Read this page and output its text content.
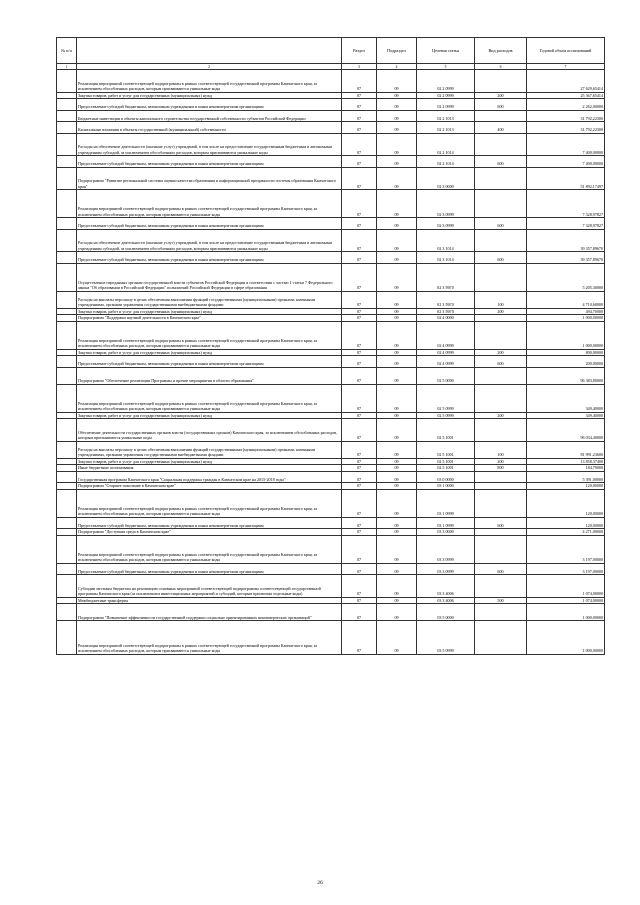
№ п/п		Раздел	Подраздел	Целевая статья	Вид расходов	Годовой объем ассигнований
1	2	3	4	5	6	7
	Реализация мероприятий соответствующей подпрограммы в рамках соответствующей государственной программы Камчатского края, за исключением обособленных расходов, которым присваиваются уникальные коды	07	09	02 2 0999		27 629,65414
	Закупка товаров, работ и услуг для государственных (муниципальных) нужд	07	09	02 2 0999	200	25 367,65414
	Предоставление субсидий бюджетным, автономным учреждениям и иным некоммерческим организациям	07	09	02 2 0999	600	2 262,00000
	Бюджетные инвестиции в объекты капитального строительства государственной собственности субъектов Российской Федерации	07	09	02 2 1013		31 792,22300
	Капитальные вложения в объекты государственной (муниципальной) собственности	07	09	02 2 1013	400	31 792,22300
	Расходы на обеспечение деятельности (оказание услуг) учреждений, в том числе на предоставление государственным бюджетным и автономным учреждениям субсидий, за исключением обособленных расходов, которым присваиваются уникальные коды	07	09	02 2 1014		7 400,00000
	Предоставление субсидий бюджетным, автономным учреждениям и иным некоммерческим организациям	07	09	02 2 1014	600	7 400,00000
	Подпрограмма "Развитие региональной системы оценки качества образования и информационной прозрачности системы образования Камчатского края"	07	09	02 3 0000		51 892,17497
	Реализация мероприятий соответствующей подпрограммы в рамках соответствующей государственной программы Камчатского края, за исключением обособленных расходов, которым присваиваются уникальные коды	07	09	02 3 0999		7 328,97827
	Предоставление субсидий бюджетным, автономным учреждениям и иным некоммерческим организациям	07	09	02 3 0999	600	7 328,97827
	Расходы на обеспечение деятельности (оказание услуг) учреждений, в том числе на предоставление государственным бюджетным и автономным учреждениям субсидий, за исключением обособленных расходов, которым присваиваются уникальные коды	07	09	02 3 1014		39 357,89670
	Предоставление субсидий бюджетным, автономным учреждениям и иным некоммерческим организациям	07	09	02 3 1014	600	39 357,89670
	Осуществление переданных органам государственной власти субъектов Российской Федерации в соответствии с частью 1 статьи 7 Федерального закона "Об образовании в Российской Федерации" полномочий Российской Федерации в сфере образования	07	09	02 3 59Г0		5 205,30000
	Расходы на выплаты персоналу в целях обеспечения выполнения функций государственными (муниципальными) органами, казенными учреждениями, органами управления государственными внебюджетными фондами	07	09	02 3 59Г0	100	4 710,60000
	Закупка товаров, работ и услуг для государственных (муниципальных) нужд	07	09	02 3 59Г0	200	494,70000
	Подпрограмма "Поддержка научной деятельности в Камчатском крае"	07	09	02 4 0000		1 000,00000
	Реализация мероприятий соответствующей подпрограммы в рамках соответствующей государственной программы Камчатского края, за исключением обособленных расходов, которым присваиваются уникальные коды	07	09	02 4 0999		1 000,00000
	Закупка товаров, работ и услуг для государственных (муниципальных) нужд	07	09	02 4 0999	200	800,00000
	Предоставление субсидий бюджетным, автономным учреждениям и иным некоммерческим организациям	07	09	02 4 0999	600	200,00000
	Подпрограмма "Обеспечение реализации Программы и прочие мероприятия в области образования"	07	09	02 5 0000		96 383,80000
	Реализация мероприятий соответствующей подпрограммы в рамках соответствующей государственной программы Камчатского края, за исключением обособленных расходов, которым присваиваются уникальные коды	07	09	02 5 0999		349,40000
	Закупка товаров, работ и услуг для государственных (муниципальных) нужд	07	09	02 5 0999	200	349,40000
	Обеспечение деятельности государственных органов власти (государственных органов) Камчатского края, за исключением обособленных расходов, которым присваиваются уникальные коды	07	09	02 5 1001		96 034,40000
	Расходы на выплаты персоналу в целях обеспечения выполнения функций государственными (муниципальными) органами, казенными учреждениями, органами управления государственными внебюджетными фондами	07	09	02 5 1001	100	81 991,23600
	Закупка товаров, работ и услуг для государственных (муниципальных) нужд	07	09	02 5 1001	200	13 858,37400
	Иные бюджетные ассигнования	07	09	02 5 1001	800	184,79000
	Государственная программа Камчатского края "Социальная поддержка граждан в Камчатском крае на 2015-2018 годы"	07	09	03 0 0000		5 391,00000
	Подпрограмма "Старшее поколение в Камчатском крае"	07	09	03 1 0000		120,00000
	Реализация мероприятий соответствующей подпрограммы в рамках соответствующей государственной программы Камчатского края, за исключением обособленных расходов, которым присваиваются уникальные коды	07	09	03 1 0999		120,00000
	Предоставление субсидий бюджетным, автономным учреждениям и иным некоммерческим организациям	07	09	03 1 0999	600	120,00000
	Подпрограмма "Доступная среда в Камчатском крае"	07	09	03 3 0000		4 271,00000
	Реализация мероприятий соответствующей подпрограммы в рамках соответствующей государственной программы Камчатского края, за исключением обособленных расходов, которым присваиваются уникальные коды	07	09	03 3 0999		3 197,00000
	Предоставление субсидий бюджетным, автономным учреждениям и иным некоммерческим организациям	07	09	03 3 0999	600	3 197,00000
	Субсидии местным бюджетам на реализацию основных мероприятий соответствующей подпрограммы соответствующей государственной программы Камчатского края (за исключением инвестиционных мероприятий и субсидий, которым присвоены отдельные коды)	07	09	03 3 4006		1 074,00000
	Межбюджетные трансферты	07	09	03 3 4006	500	1 074,00000
	Подпрограмма "Повышение эффективности государственной поддержки социально ориентированных некоммерческих организаций"	07	09	03 5 0000		1 000,00000
	Реализация мероприятий соответствующей подпрограммы в рамках соответствующей государственной программы Камчатского края, за исключением обособленных расходов, которым присваиваются уникальные коды	07	09	03 5 0999		1 000,00000
26
